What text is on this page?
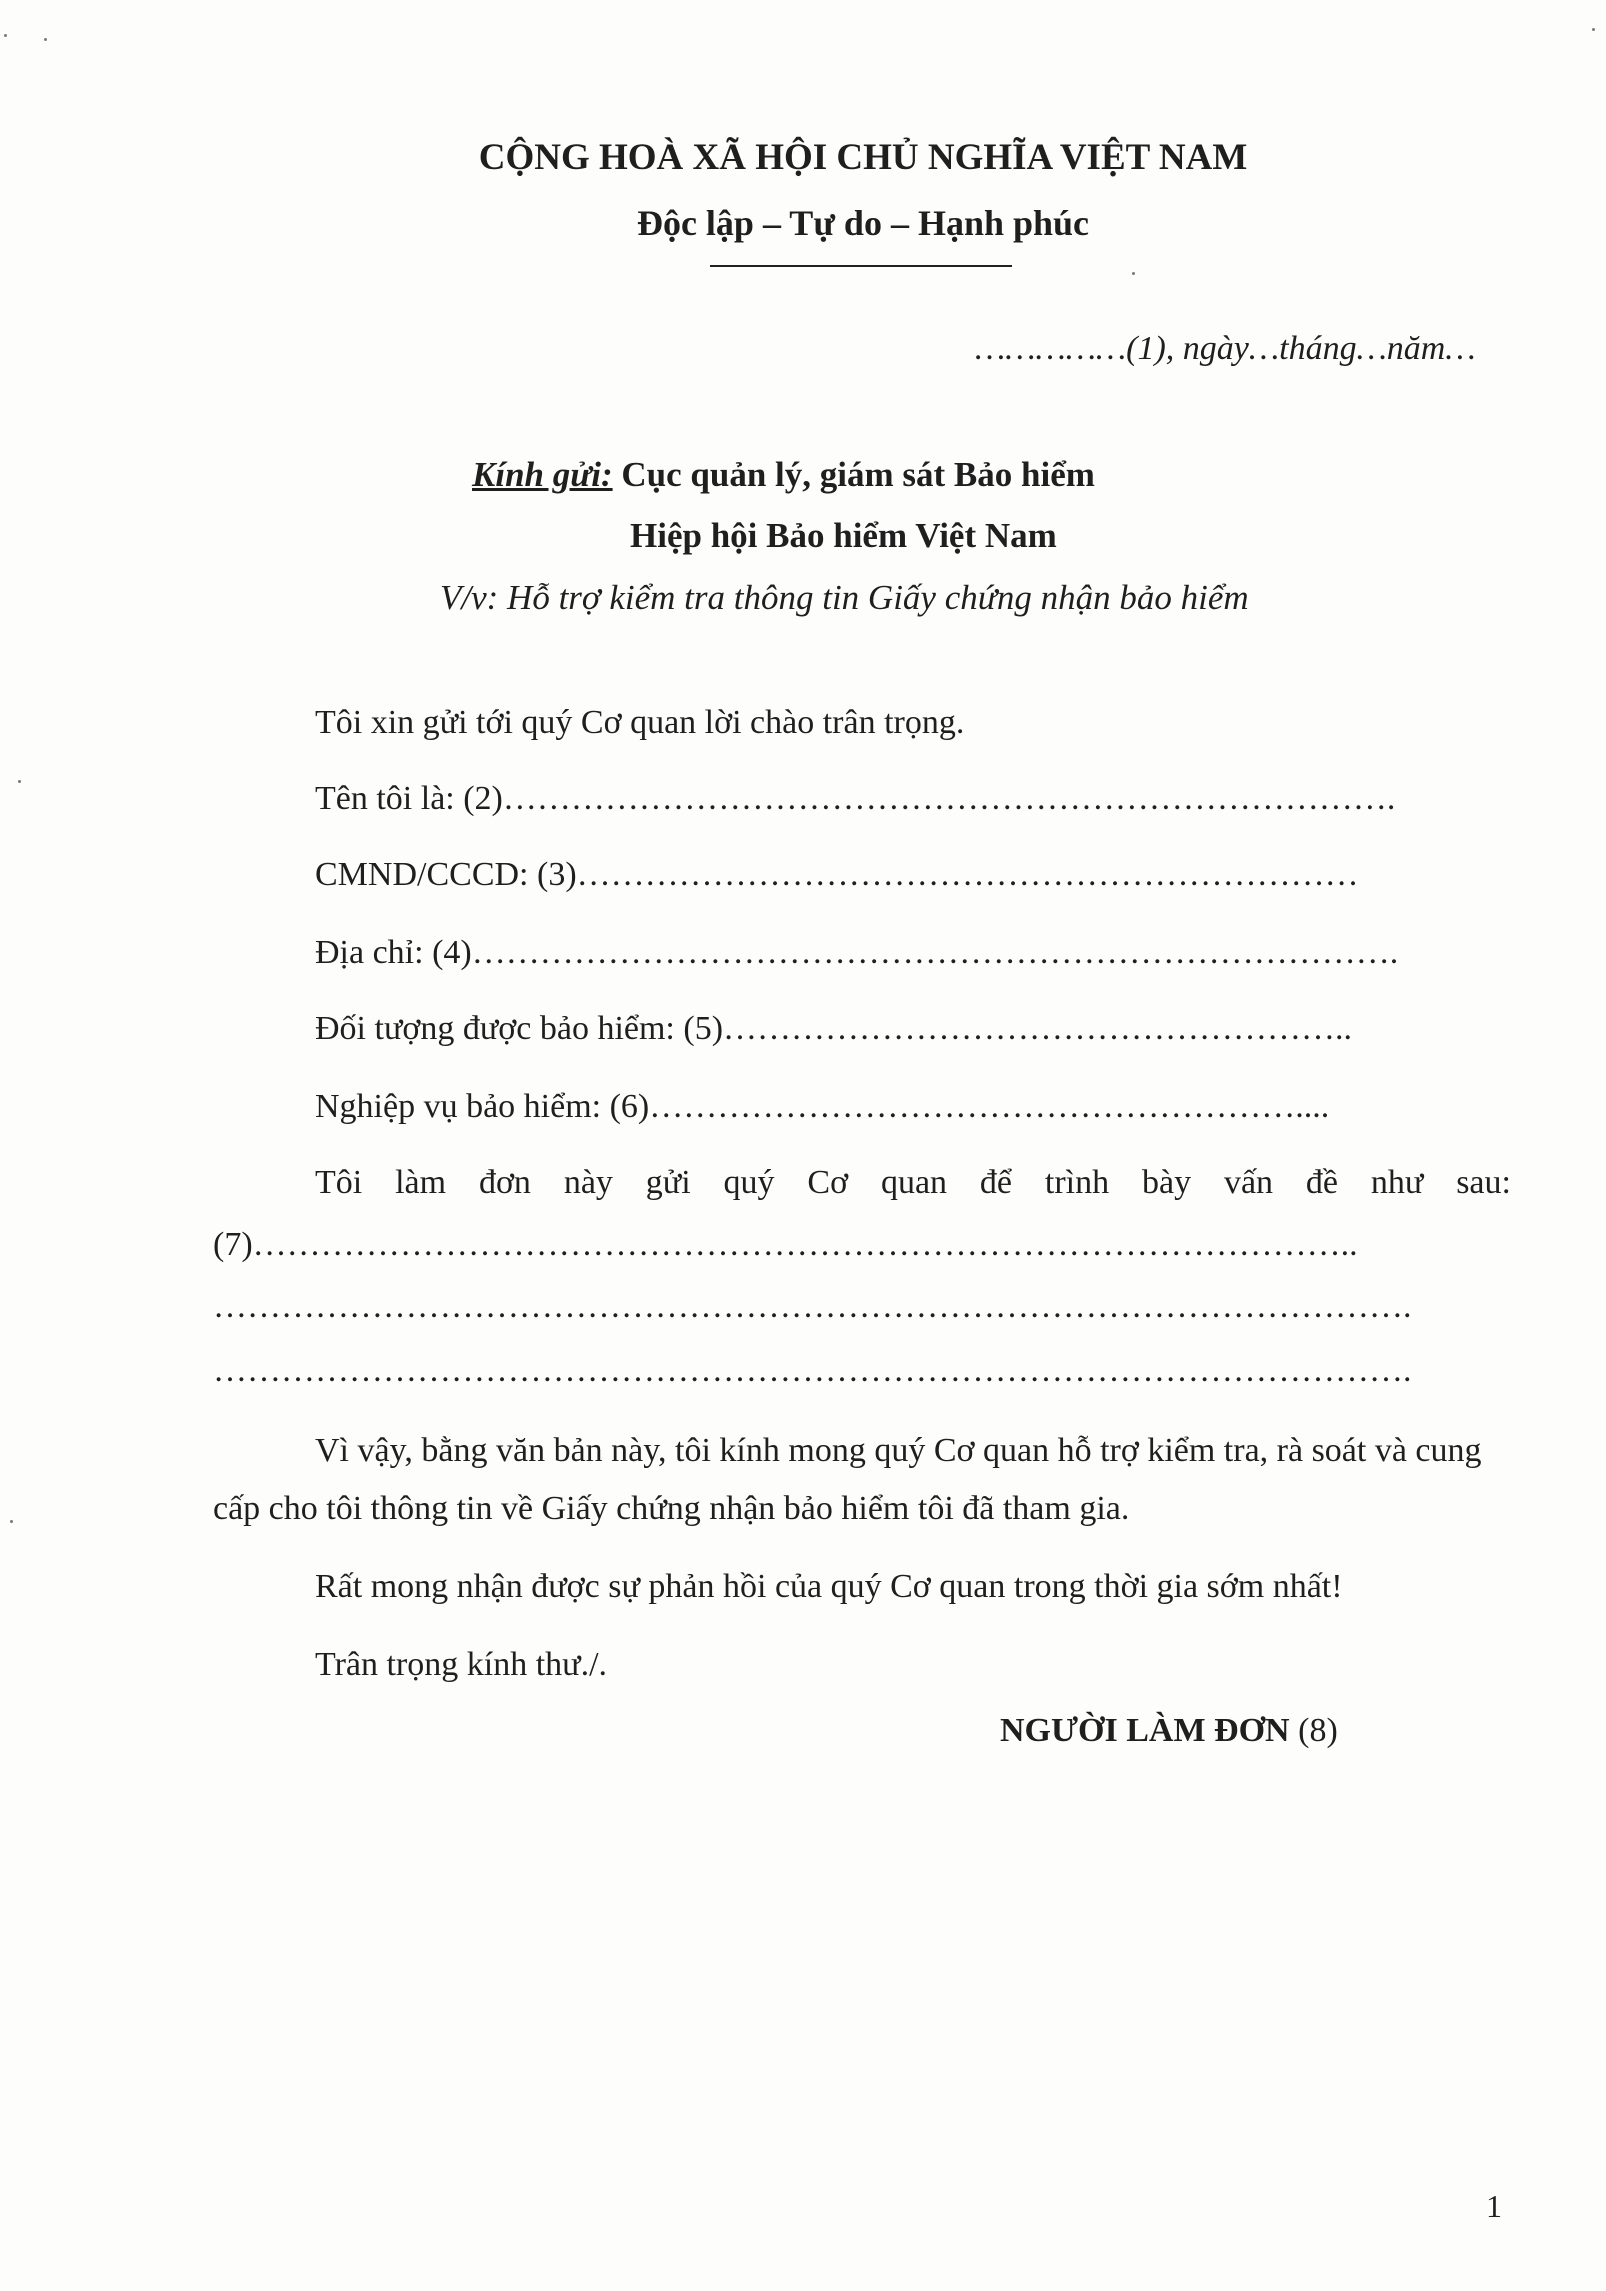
CỘNG HOÀ XÃ HỘI CHỦ NGHĨA VIỆT NAM
Độc lập – Tự do – Hạnh phúc
……………(1), ngày…tháng…năm…
Kính gửi: Cục quản lý, giám sát Bảo hiểm
Hiệp hội Bảo hiểm Việt Nam
V/v: Hỗ trợ kiểm tra thông tin Giấy chứng nhận bảo hiểm
Tôi xin gửi tới quý Cơ quan lời chào trân trọng.
Tên tôi là: (2)…………………………………………………………………….
CMND/CCCD: (3)……………………………………………………………
Địa chỉ: (4)……………………………………………………………………….
Đối tượng được bảo hiểm: (5)………………………………………………..
Nghiệp vụ bảo hiểm: (6)…………………………………………………....
Tôi làm đơn này gửi quý Cơ quan để trình bày vấn đề như sau:
(7)……………………………………………………………………………………..
…………………………………………………………………………………………….
…………………………………………………………………………………………….
Vì vậy, bằng văn bản này, tôi kính mong quý Cơ quan hỗ trợ kiểm tra, rà soát và cung
cấp cho tôi thông tin về Giấy chứng nhận bảo hiểm tôi đã tham gia.
Rất mong nhận được sự phản hồi của quý Cơ quan trong thời gia sớm nhất!
Trân trọng kính thư./.
NGƯỜI LÀM ĐƠN (8)
1
